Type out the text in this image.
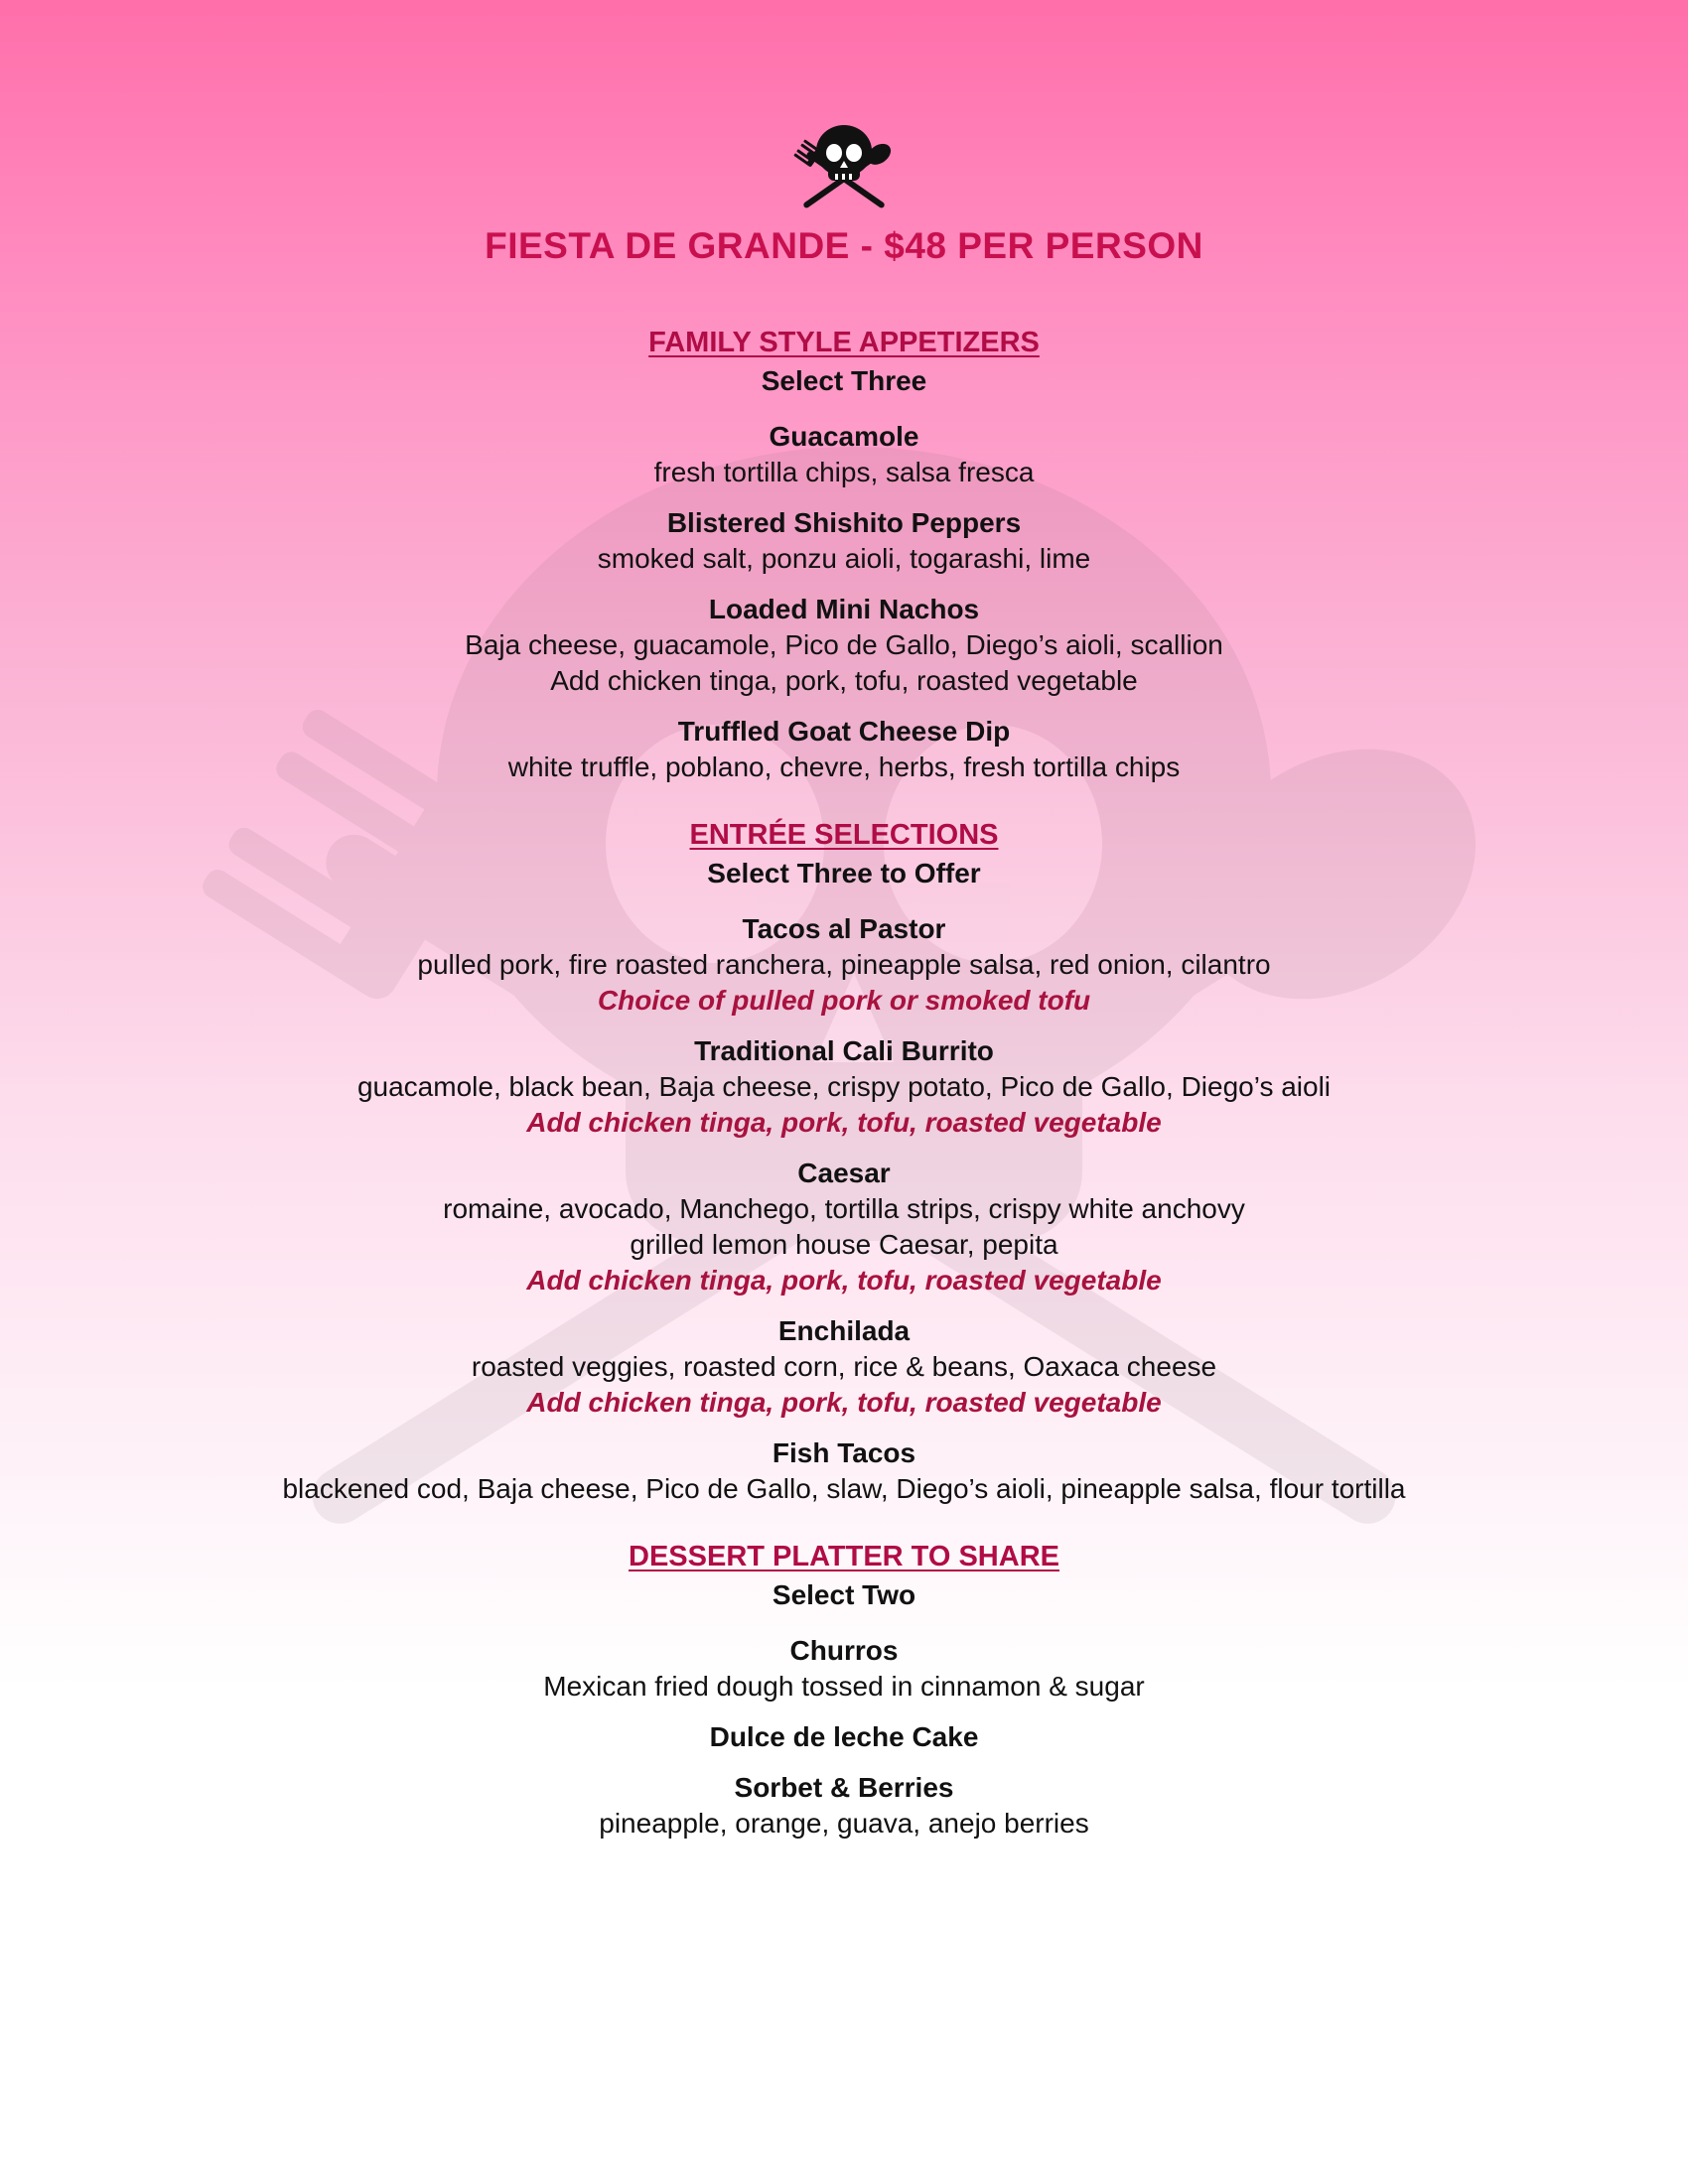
FIESTA DE GRANDE - $48 PER PERSON
FAMILY STYLE APPETIZERS
Select Three
Guacamole
fresh tortilla chips, salsa fresca
Blistered Shishito Peppers
smoked salt, ponzu aioli, togarashi, lime
Loaded Mini Nachos
Baja cheese, guacamole, Pico de Gallo, Diego’s aioli, scallion
Add chicken tinga, pork, tofu, roasted vegetable
Truffled Goat Cheese Dip
white truffle, poblano, chevre, herbs, fresh tortilla chips
ENTRÉE SELECTIONS
Select Three to Offer
Tacos al Pastor
pulled pork, fire roasted ranchera, pineapple salsa, red onion, cilantro
Choice of pulled pork or smoked tofu
Traditional Cali Burrito
guacamole, black bean, Baja cheese, crispy potato, Pico de Gallo, Diego’s aioli
Add chicken tinga, pork, tofu, roasted vegetable
Caesar
romaine, avocado, Manchego, tortilla strips, crispy white anchovy
grilled lemon house Caesar, pepita
Add chicken tinga, pork, tofu, roasted vegetable
Enchilada
roasted veggies, roasted corn, rice & beans, Oaxaca cheese
Add chicken tinga, pork, tofu, roasted vegetable
Fish Tacos
blackened cod, Baja cheese, Pico de Gallo, slaw, Diego’s aioli, pineapple salsa, flour tortilla
DESSERT PLATTER TO SHARE
Select Two
Churros
Mexican fried dough tossed in cinnamon & sugar
Dulce de leche Cake
Sorbet & Berries
pineapple, orange, guava, anejo berries
